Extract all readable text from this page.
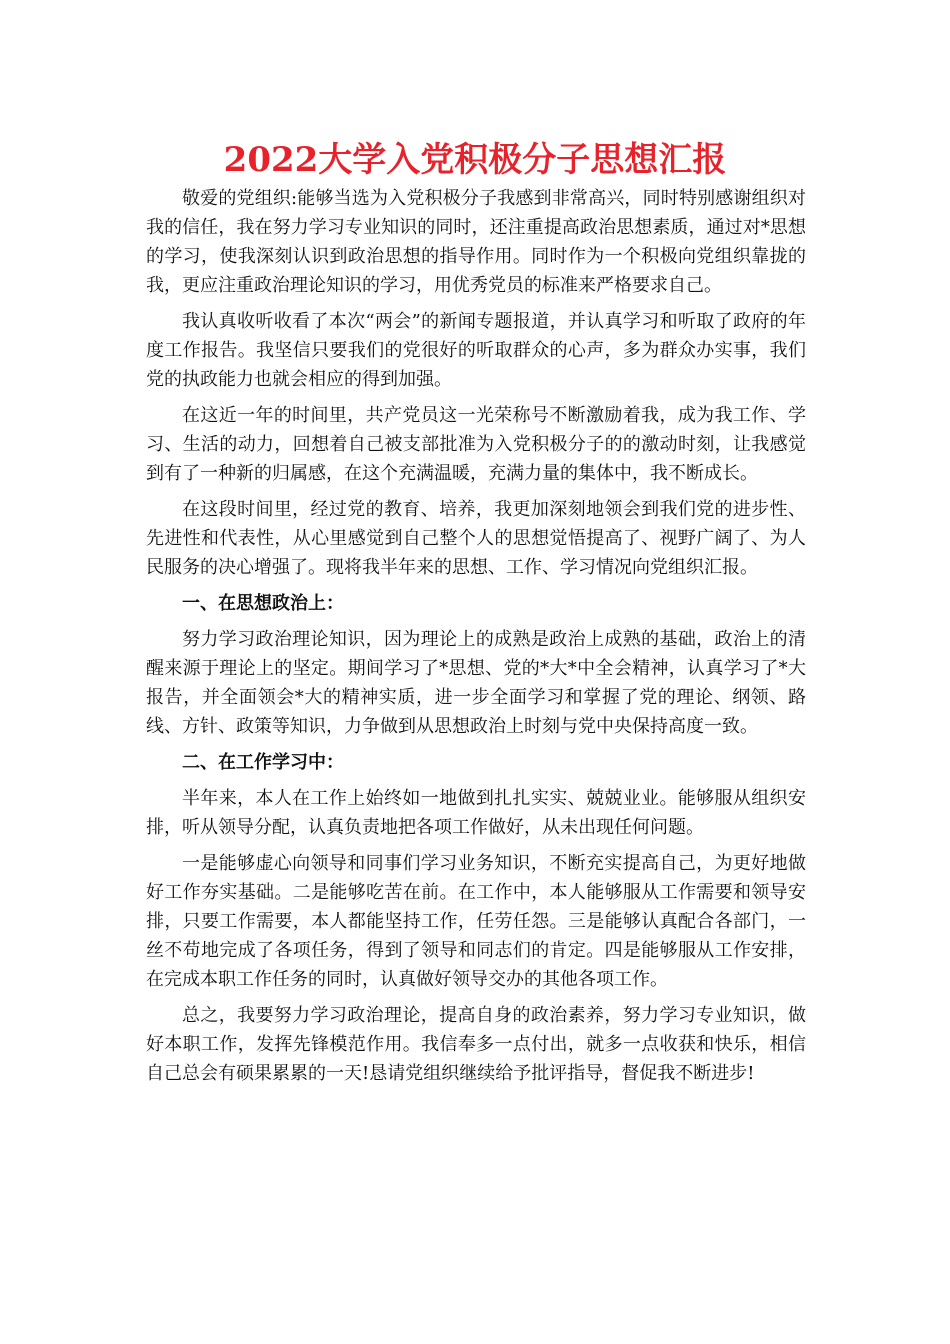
2022大学入党积极分子思想汇报

敬爱的党组织:能够当选为入党积极分子我感到非常高兴，同时特别感谢组织对我的信任，我在努力学习专业知识的同时，还注重提高政治思想素质，通过对*思想的学习，使我深刻认识到政治思想的指导作用。同时作为一个积极向党组织靠拢的我，更应注重政治理论知识的学习，用优秀党员的标准来严格要求自己。

我认真收听收看了本次“两会”的新闻专题报道，并认真学习和听取了政府的年度工作报告。我坚信只要我们的党很好的听取群众的心声，多为群众办实事，我们党的执政能力也就会相应的得到加强。

在这近一年的时间里，共产党员这一光荣称号不断激励着我，成为我工作、学习、生活的动力，回想着自己被支部批准为入党积极分子的的激动时刻，让我感觉到有了一种新的归属感，在这个充满温暖，充满力量的集体中，我不断成长。

在这段时间里，经过党的教育、培养，我更加深刻地领会到我们党的进步性、先进性和代表性，从心里感觉到自己整个人的思想觉悟提高了、视野广阔了、为人民服务的决心增强了。现将我半年来的思想、工作、学习情况向党组织汇报。

一、在思想政治上：

努力学习政治理论知识，因为理论上的成熟是政治上成熟的基础，政治上的清醒来源于理论上的坚定。期间学习了*思想、党的*大*中全会精神，认真学习了*大报告，并全面领会*大的精神实质，进一步全面学习和掌握了党的理论、纲领、路线、方针、政策等知识，力争做到从思想政治上时刻与党中央保持高度一致。

二、在工作学习中：

半年来，本人在工作上始终如一地做到扎扎实实、兢兢业业。能够服从组织安排，听从领导分配，认真负责地把各项工作做好，从未出现任何问题。

一是能够虚心向领导和同事们学习业务知识，不断充实提高自己，为更好地做好工作夯实基础。二是能够吃苦在前。在工作中，本人能够服从工作需要和领导安排，只要工作需要，本人都能坚持工作，任劳任怨。三是能够认真配合各部门，一丝不苟地完成了各项任务，得到了领导和同志们的肯定。四是能够服从工作安排，在完成本职工作任务的同时，认真做好领导交办的其他各项工作。

总之，我要努力学习政治理论，提高自身的政治素养，努力学习专业知识，做好本职工作，发挥先锋模范作用。我信奉多一点付出，就多一点收获和快乐，相信自己总会有硕果累累的一天!恳请党组织继续给予批评指导，督促我不断进步!
